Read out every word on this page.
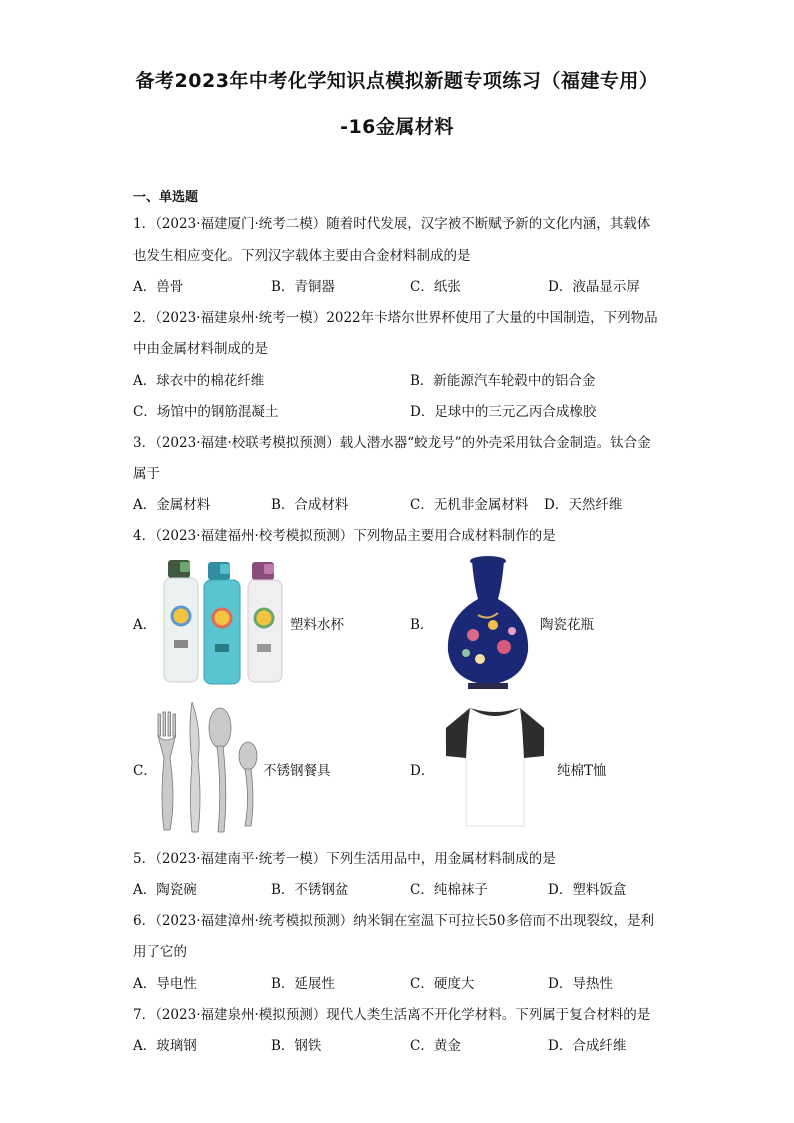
备考2023年中考化学知识点模拟新题专项练习（福建专用）
-16金属材料
一、单选题
1．（2023·福建厦门·统考二模）随着时代发展，汉字被不断赋予新的文化内涵，其载体
也发生相应变化。下列汉字载体主要由合金材料制成的是
A．兽骨	B．青铜器	C．纸张	D．液晶显示屏
2．（2023·福建泉州·统考一模）2022年卡塔尔世界杯使用了大量的中国制造，下列物品
中由金属材料制成的是
A．球衣中的棉花纤维	B．新能源汽车轮毂中的铝合金
C．场馆中的钢筋混凝土	D．足球中的三元乙丙合成橡胶
3．（2023·福建·校联考模拟预测）载人潜水器“蛟龙号”的外壳采用钛合金制造。钛合金
属于
A．金属材料	B．合成材料	C．无机非金属材料 D．天然纤维
4．（2023·福建福州·校考模拟预测）下列物品主要用合成材料制作的是
A．	塑料水杯	B．	陶瓷花瓶
C．	不锈钢餐具	D．	纯棉T恤
5．（2023·福建南平·统考一模）下列生活用品中，用金属材料制成的是
A．陶瓷碗	B．不锈钢盆	C．纯棉袜子	D．塑料饭盒
6．（2023·福建漳州·统考模拟预测）纳米铜在室温下可拉长50多倍而不出现裂纹，是利
用了它的
A．导电性	B．延展性	C．硬度大	D．导热性
7．（2023·福建泉州·模拟预测）现代人类生活离不开化学材料。下列属于复合材料的是
A．玻璃钢	B．钢铁	C．黄金	D．合成纤维
